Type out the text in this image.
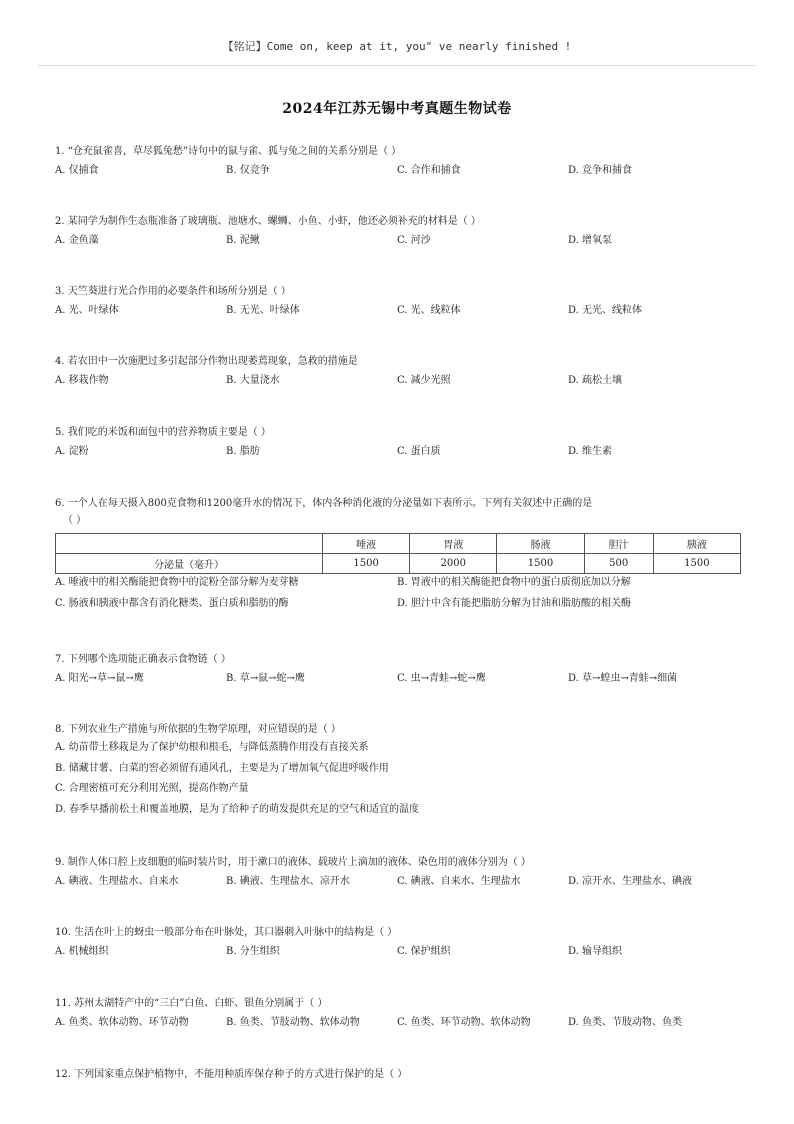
【铭记】Come on, keep at it, you" ve nearly finished !
2024年江苏无锡中考真题生物试卷
1. “仓充鼠雀喜，草尽狐兔愁”诗句中的鼠与雀、狐与兔之间的关系分别是（ ）
A. 仅捕食	B. 仅竞争	C. 合作和捕食	D. 竞争和捕食
2. 某同学为制作生态瓶准备了玻璃瓶、池塘水、螺蛳、小鱼、小虾，他还必须补充的材料是（ ）
A. 金鱼藻	B. 泥鳅	C. 河沙	D. 增氧泵
3. 天竺葵进行光合作用的必要条件和场所分别是（ ）
A. 光、叶绿体	B. 无光、叶绿体	C. 光、线粒体	D. 无光、线粒体
4. 若农田中一次施肥过多引起部分作物出现萎蔫现象，急救的措施是
A. 移栽作物	B. 大量浇水	C. 减少光照	D. 疏松土壤
5. 我们吃的米饭和面包中的营养物质主要是（ ）
A. 淀粉	B. 脂肪	C. 蛋白质	D. 维生素
6. 一个人在每天摄入800克食物和1200毫升水的情况下，体内各种消化液的分泌量如下表所示。下列有关叙述中正确的是
（ ）
	唾液	胃液	肠液	胆汁	胰液
分泌量（毫升）	1500	2000	1500	500	1500
A. 唾液中的相关酶能把食物中的淀粉全部分解为麦芽糖	B. 胃液中的相关酶能把食物中的蛋白质彻底加以分解
C. 肠液和胰液中都含有消化糖类、蛋白质和脂肪的酶	D. 胆汁中含有能把脂肪分解为甘油和脂肪酸的相关酶
7. 下列哪个选项能正确表示食物链（ ）
A. 阳光→草→鼠→鹰	B. 草→鼠→蛇→鹰	C. 虫→青蛙→蛇→鹰	D. 草→蝗虫→青蛙→细菌
8. 下列农业生产措施与所依据的生物学原理，对应错误的是（ ）
A. 幼苗带土移栽是为了保护幼根和根毛，与降低蒸腾作用没有直接关系
B. 储藏甘薯、白菜的窖必须留有通风孔，主要是为了增加氧气促进呼吸作用
C. 合理密植可充分利用光照，提高作物产量
D. 春季早播前松土和覆盖地膜，是为了给种子的萌发提供充足的空气和适宜的温度
9. 制作人体口腔上皮细胞的临时装片时，用于漱口的液体、载玻片上滴加的液体、染色用的液体分别为（ ）
A. 碘液、生理盐水、自来水	B. 碘液、生理盐水、凉开水	C. 碘液、自来水、生理盐水	D. 凉开水、生理盐水、碘液
10. 生活在叶上的蚜虫一般部分布在叶脉处，其口器刺入叶脉中的结构是（ ）
A. 机械组织	B. 分生组织	C. 保护组织	D. 输导组织
11. 苏州太湖特产中的“三白”白鱼、白虾、银鱼分别属于（ ）
A. 鱼类、软体动物、环节动物	B. 鱼类、节肢动物、软体动物	C. 鱼类、环节动物、软体动物	D. 鱼类、节肢动物、鱼类
12. 下列国家重点保护植物中，不能用种质库保存种子的方式进行保护的是（ ）
